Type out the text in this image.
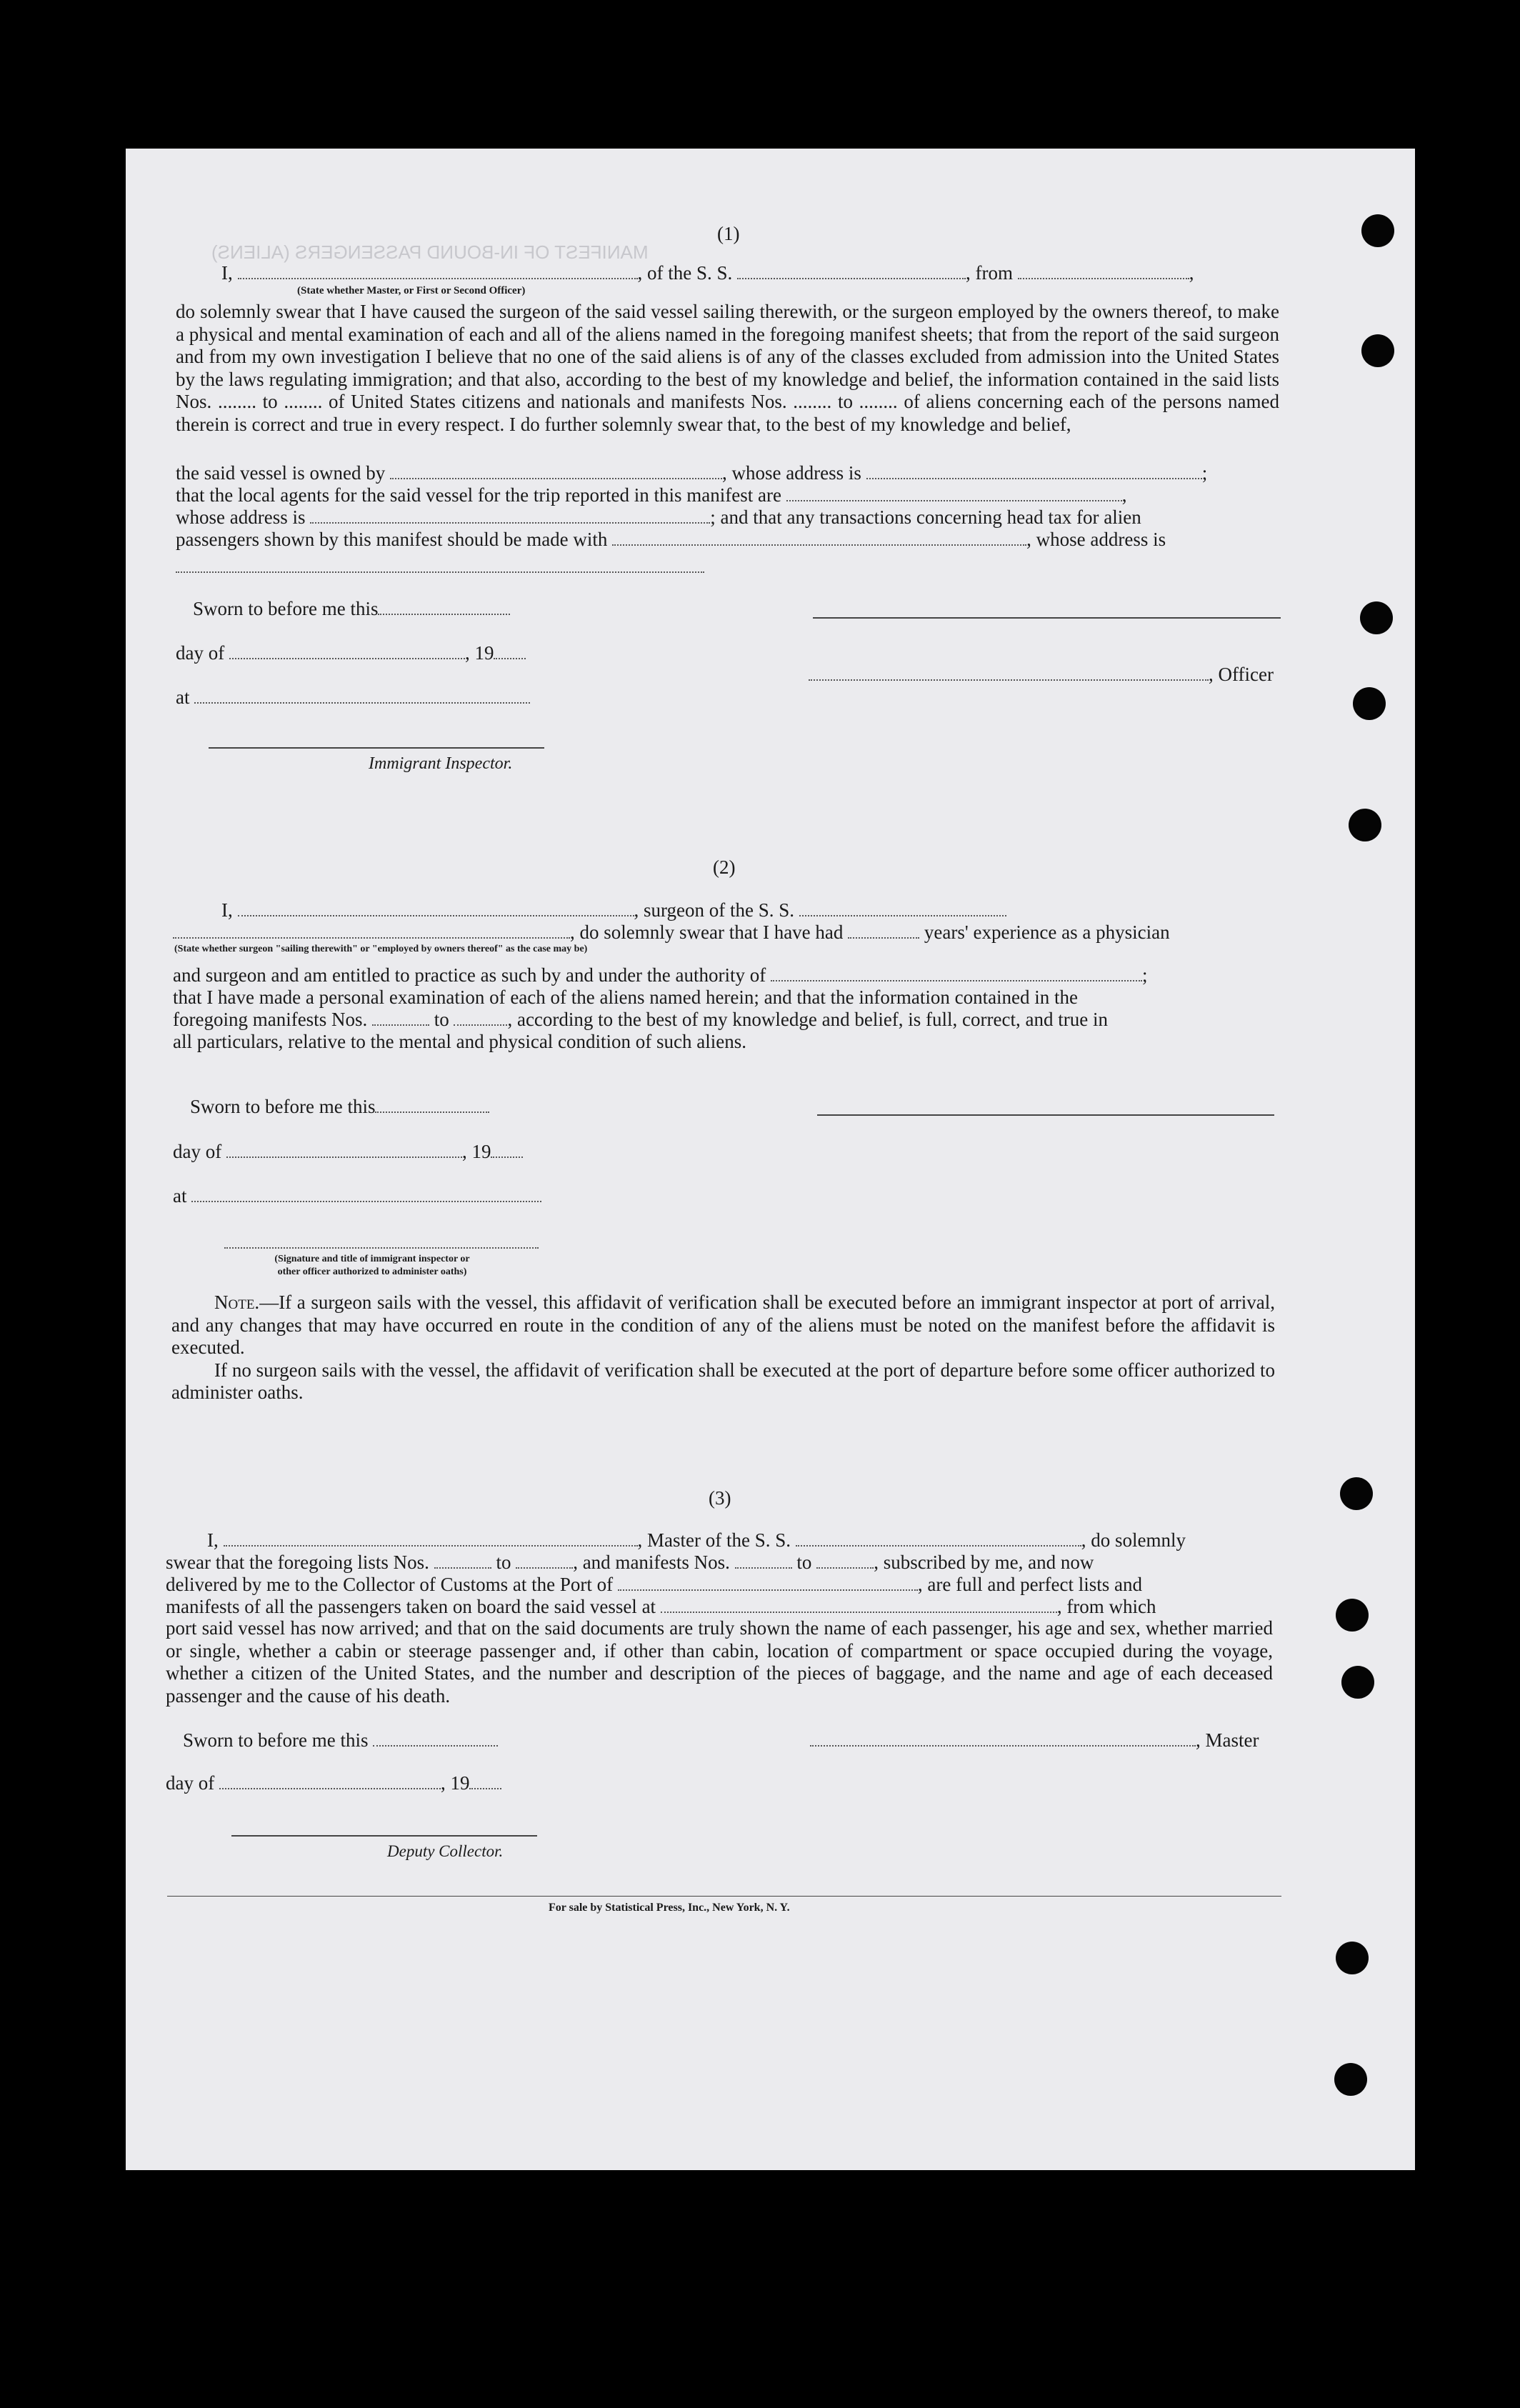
MANIFEST OF IN-BOUND PASSENGERS (ALIENS)
(1)
I,	, of the S. S.	, from	,
(State whether Master, or First or Second Officer)

do solemnly swear that I have caused the surgeon of the said vessel sailing therewith, or the surgeon employed by the owners thereof, to make a physical and mental examination of each and all of the aliens named in the foregoing manifest sheets; that from the report of the said surgeon and from my own investigation I believe that no one of the said aliens is of any of the classes excluded from admission into the United States by the laws regulating immigration; and that also, according to the best of my knowledge and belief, the information contained in the said lists Nos. ........ to ........ of United States citizens and nationals and manifests Nos. ........ to ........ of aliens concerning each of the persons named therein is correct and true in every respect. I do further solemnly swear that, to the best of my knowledge and belief,

the said vessel is owned by	, whose address is	;
that the local agents for the said vessel for the trip reported in this manifest are	,
whose address is	; and that any transactions concerning head tax for alien
passengers shown by this manifest should be made with	, whose address is
Sworn to before me this
day of	, 19
, Officer
at
Immigrant Inspector.
(2)
I,	, surgeon of the S. S.
, do solemnly swear that I have had	years' experience as a physician
(State whether surgeon "sailing therewith" or "employed by owners thereof" as the case may be)
and surgeon and am entitled to practice as such by and under the authority of	;
that I have made a personal examination of each of the aliens named herein; and that the information contained in the
foregoing manifests Nos.	to	, according to the best of my knowledge and belief, is full, correct, and true in
all particulars, relative to the mental and physical condition of such aliens.
Sworn to before me this
day of	, 19
at
(Signature and title of immigrant inspector or
other officer authorized to administer oaths)

Note.—If a surgeon sails with the vessel, this affidavit of verification shall be executed before an immigrant inspector at port of arrival, and any changes that may have occurred en route in the condition of any of the aliens must be noted on the manifest before the affidavit is executed.

If no surgeon sails with the vessel, the affidavit of verification shall be executed at the port of departure before some officer authorized to administer oaths.

(3)
I,	, Master of the S. S.	, do solemnly
swear that the foregoing lists Nos.	to	, and manifests Nos.	to	, subscribed by me, and now
delivered by me to the Collector of Customs at the Port of	, are full and perfect lists and
manifests of all the passengers taken on board the said vessel at	, from which
port said vessel has now arrived; and that on the said documents are truly shown the name of each passenger, his age and sex, whether married or single, whether a cabin or steerage passenger and, if other than cabin, location of compartment or space occupied during the voyage, whether a citizen of the United States, and the number and description of the pieces of baggage, and the name and age of each deceased passenger and the cause of his death.
Sworn to before me this	, Master
day of	, 19
Deputy Collector.
For sale by Statistical Press, Inc., New York, N. Y.
